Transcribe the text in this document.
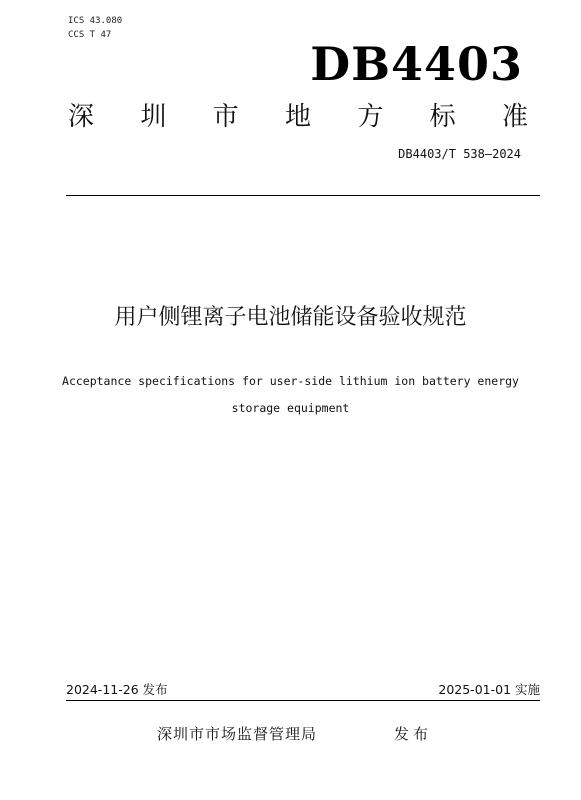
ICS 43.080
CCS T 47
DB4403
深 圳 市 地 方 标 准
DB4403/T 538—2024
用户侧锂离子电池储能设备验收规范
Acceptance specifications for user-side lithium ion battery energy
storage equipment
2024-11-26 发布	2025-01-01 实施
深圳市市场监督管理局	发布
